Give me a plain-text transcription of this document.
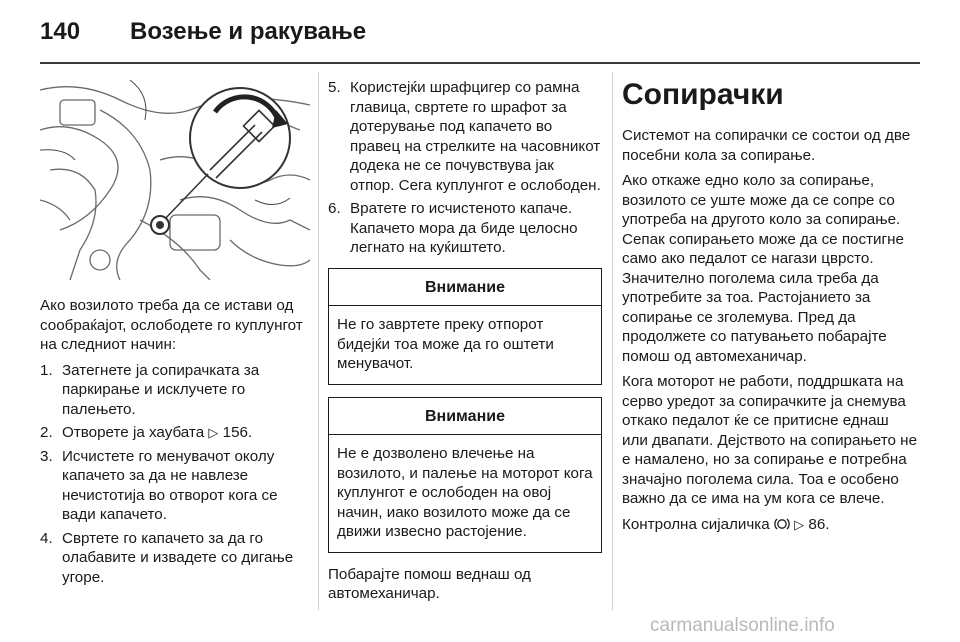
140 Возење и ракување

Ако возилото треба да се истави од сообраќајот, ослободете го куплунгот на следниот начин:

1. Затегнете ја сопирачката за паркирање и исклучете го палењето.
2. Отворете ја хаубата ▷ 156.
3. Исчистете го менувачот околу капачето за да не навлезе нечистотија во отворот кога се вади капачето.
4. Свртете го капачето за да го олабавите и извадете со дигање угоре.
5. Користејќи шрафцигер со рамна главица, свртете го шрафот за дотерување под капачето во правец на стрелките на часовникот додека не се почувствува јак отпор. Сега куплунгот е ослободен.
6. Вратете го исчистеното капаче. Капачето мора да биде целосно легнато на куќиштето.
Внимание
Не го завртете преку отпорот бидејќи тоа може да го оштети менувачот.
Внимание
Не е дозволено влечење на возилото, и палење на моторот кога куплунгот е ослободен на овој начин, иако возилото може да се движи извесно растојение.

Побарајте помош веднаш од автомеханичар.

Сопирачки

Системот на сопирачки се состои од две посебни кола за сопирање.

Ако откаже едно коло за сопирање, возилото се уште може да се сопре со употреба на другото коло за сопирање. Сепак сопирањето може да се постигне само ако педалот се нагази цврсто. Значително поголема сила треба да употребите за тоа. Растојанието за сопирање се зголемува. Пред да продолжете со патувањето побарајте помош од автомеханичар.

Кога моторот не работи, поддршката на серво уредот за сопирачките ја снемува откако педалот ќе се притисне еднаш или двапати. Дејството на сопирањето не е намалено, но за сопирање е потребна значајно поголема сила. Тоа е особено важно да се има на ум кога се влече.

Контролна сијаличка ▷ 86.

carmanualsonline.info
